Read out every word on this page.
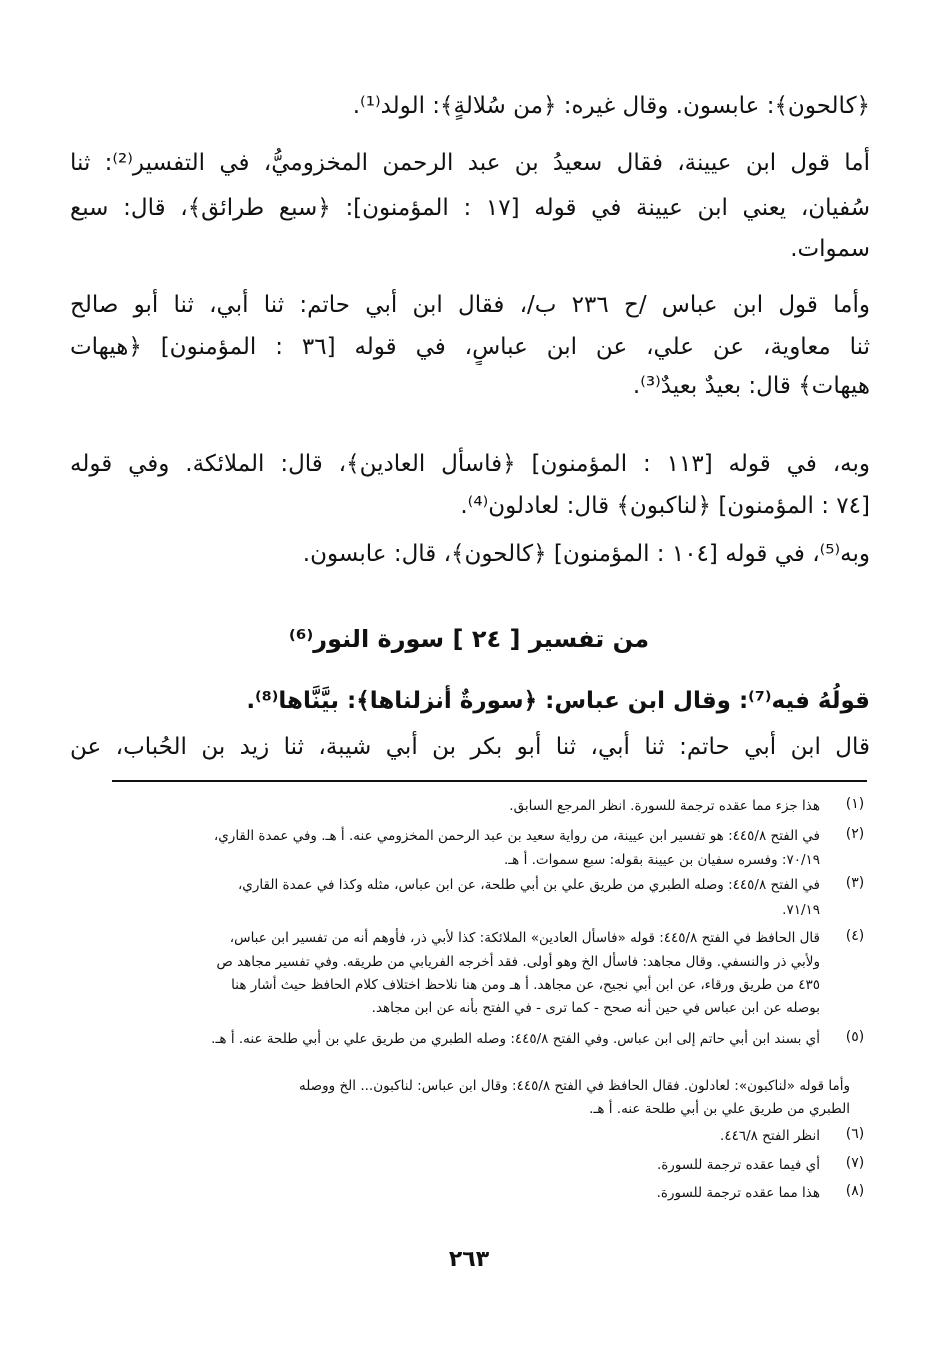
﴿كالحون﴾: عابسون. وقال غيره: ﴿من سُلالةٍ﴾: الولد⁽¹⁾.
أما قول ابن عيينة، فقال سعيدُ بن عبد الرحمن المخزوميُّ، في التفسير⁽²⁾: ثنا
سُفيان، يعني ابن عيينة في قوله [١٧ : المؤمنون]: ﴿سبع طرائق﴾، قال: سبع
سموات.
وأما قول ابن عباس /ح ٢٣٦ ب/، فقال ابن أبي حاتم: ثنا أبي، ثنا أبو صالح
ثنا معاوية، عن علي، عن ابن عباسٍ، في قوله [٣٦ : المؤمنون] ﴿هيهات
هيهات﴾ قال: بعيدٌ بعيدٌ⁽³⁾.
وبه، في قوله [١١٣ : المؤمنون] ﴿فاسأل العادين﴾، قال: الملائكة. وفي قوله
[٧٤ : المؤمنون] ﴿لناكبون﴾ قال: لعادلون⁽⁴⁾.
وبه⁽⁵⁾، في قوله [١٠٤ : المؤمنون] ﴿كالحون﴾، قال: عابسون.
من تفسير [ ٢٤ ] سورة النور⁽⁶⁾
قولُهُ فيه⁽⁷⁾: وقال ابن عباس: ﴿سورةٌ أنزلناها﴾: بيَّنَّاها⁽⁸⁾.
قال ابن أبي حاتم: ثنا أبي، ثنا أبو بكر بن أبي شيبة، ثنا زيد بن الحُباب، عن
(١)
هذا جزء مما عقده ترجمة للسورة. انظر المرجع السابق.
(٢)
في الفتح ٤٤٥/٨: هو تفسير ابن عيينة، من رواية سعيد بن عبد الرحمن المخزومي عنه. أ هـ. وفي عمدة القاري،
٧٠/١٩: وفسره سفيان بن عيينة بقوله: سبع سموات. أ هـ.
(٣)
في الفتح ٤٤٥/٨: وصله الطبري من طريق علي بن أبي طلحة، عن ابن عباس، مثله وكذا في عمدة القاري،
٧١/١٩.
(٤)
قال الحافظ في الفتح ٤٤٥/٨: قوله «فاسأل العادين» الملائكة: كذا لأبي ذر، فأوهم أنه من تفسير ابن عباس،
ولأبي ذر والنسفي. وقال مجاهد: فاسأل الخ وهو أولى. فقد أخرجه الفريابي من طريقه. وفي تفسير مجاهد ص
٤٣٥ من طريق ورقاء، عن ابن أبي نجيح، عن مجاهد. أ هـ ومن هنا نلاحظ اختلاف كلام الحافظ حيث أشار هنا
بوصله عن ابن عباس في حين أنه صحح - كما ترى - في الفتح بأنه عن ابن مجاهد.
(٥)
أي بسند ابن أبي حاتم إلى ابن عباس. وفي الفتح ٤٤٥/٨: وصله الطبري من طريق علي بن أبي طلحة عنه. أ هـ.
وأما قوله «لناكبون»: لعادلون. فقال الحافظ في الفتح ٤٤٥/٨: وقال ابن عباس: لناكبون... الخ ووصله
الطبري من طريق علي بن أبي طلحة عنه. أ هـ.
(٦)
انظر الفتح ٤٤٦/٨.
(٧)
أي فيما عقده ترجمة للسورة.
(٨)
هذا مما عقده ترجمة للسورة.
٢٦٣
